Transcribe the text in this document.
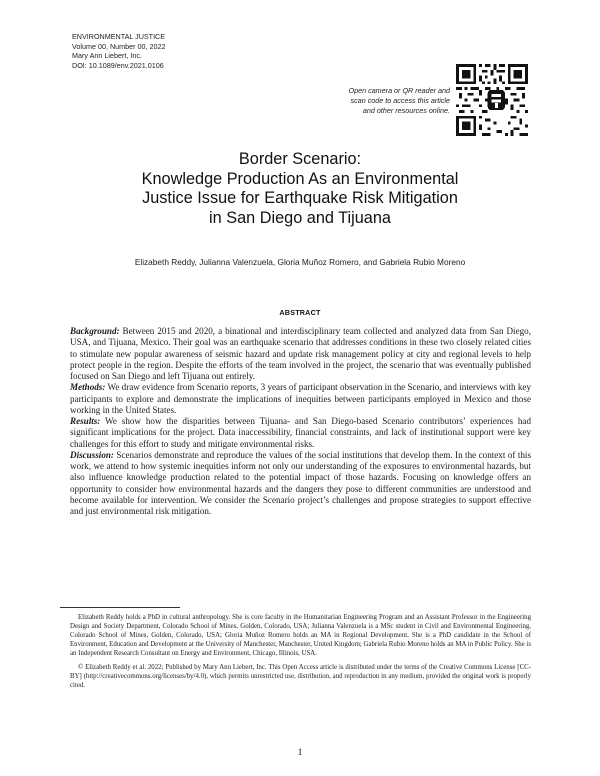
ENVIRONMENTAL JUSTICE
Volume 00, Number 00, 2022
Mary Ann Liebert, Inc.
DOI: 10.1089/env.2021.0106
Open camera or QR reader and
scan code to access this article
and other resources online.
Border Scenario:
Knowledge Production As an Environmental
Justice Issue for Earthquake Risk Mitigation
in San Diego and Tijuana
Elizabeth Reddy, Julianna Valenzuela, Gloria Muñoz Romero, and Gabriela Rubio Moreno
ABSTRACT

Background: Between 2015 and 2020, a binational and interdisciplinary team collected and analyzed data from San Diego, USA, and Tijuana, Mexico. Their goal was an earthquake scenario that addresses conditions in these two closely related cities to stimulate new popular awareness of seismic hazard and update risk management policy at city and regional levels to help protect people in the region. Despite the efforts of the team involved in the project, the scenario that was eventually published focused on San Diego and left Tijuana out entirely.

Methods: We draw evidence from Scenario reports, 3 years of participant observation in the Scenario, and interviews with key participants to explore and demonstrate the implications of inequities between participants employed in Mexico and those working in the United States.

Results: We show how the disparities between Tijuana- and San Diego-based Scenario contributors’ experiences had significant implications for the project. Data inaccessibility, financial constraints, and lack of institutional support were key challenges for this effort to study and mitigate environmental risks.

Discussion: Scenarios demonstrate and reproduce the values of the social institutions that develop them. In the context of this work, we attend to how systemic inequities inform not only our understanding of the exposures to environmental hazards, but also influence knowledge production related to the potential impact of those hazards. Focusing on knowledge offers an opportunity to consider how environmental hazards and the dangers they pose to different communities are understood and become available for intervention. We consider the Scenario project’s challenges and propose strategies to support effective and just environmental risk mitigation.

Elizabeth Reddy holds a PhD in cultural anthropology. She is core faculty in the Humanitarian Engineering Program and an Assistant Professor in the Engineering Design and Society Department, Colorado School of Mines, Golden, Colorado, USA; Julianna Valenzuela is a MSc student in Civil and Environmental Engineering, Colorado School of Mines, Golden, Colorado, USA; Gloria Muñoz Romero holds an MA in Regional Development. She is a PhD candidate in the School of Environment, Education and Development at the University of Manchester, Manchester, United Kingdom; Gabriela Rubio Moreno holds an MA in Public Policy. She is an Independent Research Consultant on Energy and Environment, Chicago, Illinois, USA.

© Elizabeth Reddy et al. 2022; Published by Mary Ann Liebert, Inc. This Open Access article is distributed under the terms of the Creative Commons License [CC-BY] (http://creativecommons.org/licenses/by/4.0), which permits unrestricted use, distribution, and reproduction in any medium, provided the original work is properly cited.

1
